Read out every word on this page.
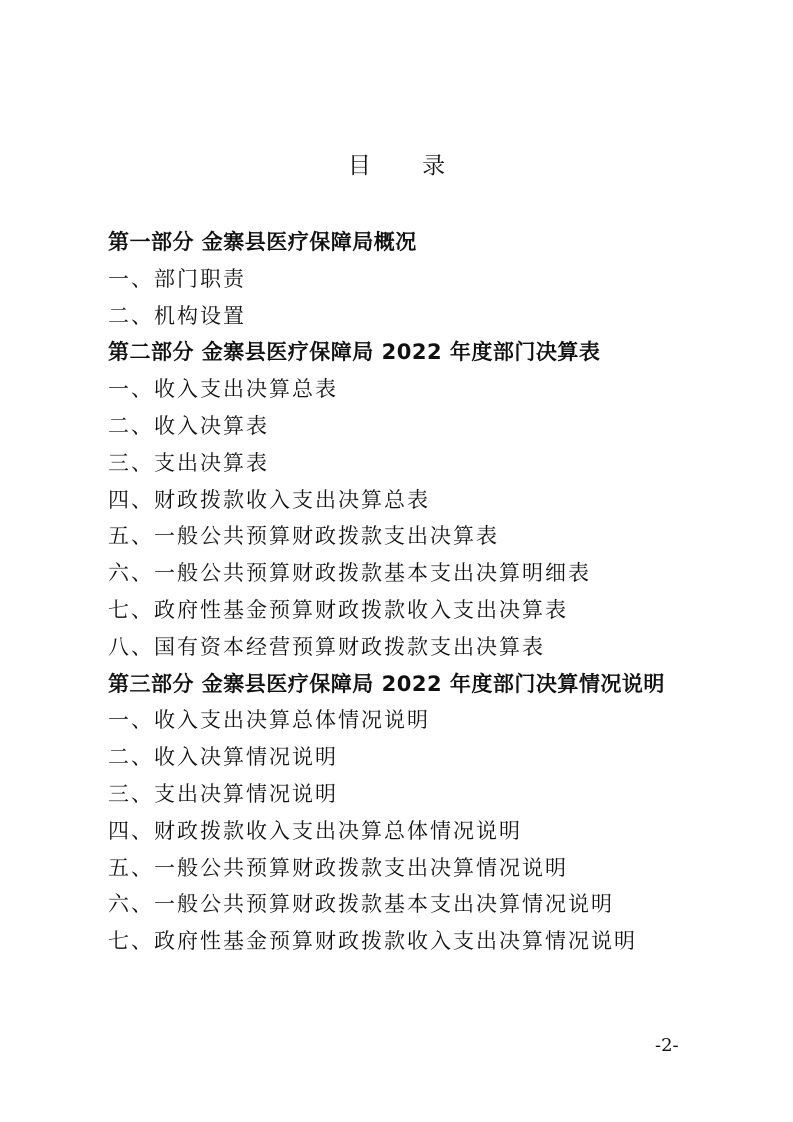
目 录
第一部分 金寨县医疗保障局概况
一、部门职责
二、机构设置
第二部分 金寨县医疗保障局 2022 年度部门决算表
一、收入支出决算总表
二、收入决算表
三、支出决算表
四、财政拨款收入支出决算总表
五、一般公共预算财政拨款支出决算表
六、一般公共预算财政拨款基本支出决算明细表
七、政府性基金预算财政拨款收入支出决算表
八、国有资本经营预算财政拨款支出决算表
第三部分 金寨县医疗保障局 2022 年度部门决算情况说明
一、收入支出决算总体情况说明
二、收入决算情况说明
三、支出决算情况说明
四、财政拨款收入支出决算总体情况说明
五、一般公共预算财政拨款支出决算情况说明
六、一般公共预算财政拨款基本支出决算情况说明
七、政府性基金预算财政拨款收入支出决算情况说明
-2-
